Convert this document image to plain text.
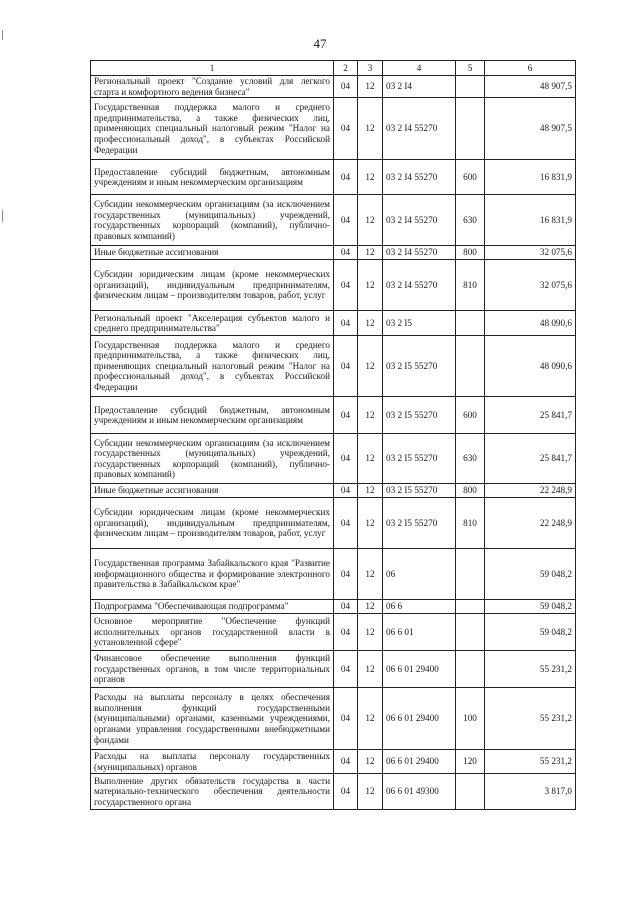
47
1	2	3	4	5	6
Региональный проект "Создание условий для легкого старта и комфортного ведения бизнеса"	04	12	03 2 I4		48 907,5
Государственная поддержка малого и среднего предпринимательства, а также физических лиц, применяющих специальный налоговый режим "Налог на профессиональный доход", в субъектах Российской Федерации	04	12	03 2 I4 55270		48 907,5
Предоставление субсидий бюджетным, автономным учреждениям и иным некоммерческим организациям	04	12	03 2 I4 55270	600	16 831,9
Субсидии некоммерческим организациям (за исключением государственных (муниципальных) учреждений, государственных корпораций (компаний), публично-правовых компаний)	04	12	03 2 I4 55270	630	16 831,9
Иные бюджетные ассигнования	04	12	03 2 I4 55270	800	32 075,6
Субсидии юридическим лицам (кроме некоммерческих организаций), индивидуальным предпринимателям, физическим лицам – производителям товаров, работ, услуг	04	12	03 2 I4 55270	810	32 075,6
Региональный проект "Акселерация субъектов малого и среднего предпринимательства"	04	12	03 2 I5		48 090,6
Государственная поддержка малого и среднего предпринимательства, а также физических лиц, применяющих специальный налоговый режим "Налог на профессиональный доход", в субъектах Российской Федерации	04	12	03 2 I5 55270		48 090,6
Предоставление субсидий бюджетным, автономным учреждениям и иным некоммерческим организациям	04	12	03 2 I5 55270	600	25 841,7
Субсидии некоммерческим организациям (за исключением государственных (муниципальных) учреждений, государственных корпораций (компаний), публично-правовых компаний)	04	12	03 2 I5 55270	630	25 841,7
Иные бюджетные ассигнования	04	12	03 2 I5 55270	800	22 248,9
Субсидии юридическим лицам (кроме некоммерческих организаций), индивидуальным предпринимателям, физическим лицам – производителям товаров, работ, услуг	04	12	03 2 I5 55270	810	22 248,9
Государственная программа Забайкальского края "Развитие информационного общества и формирование электронного правительства в Забайкальском крае"	04	12	06		59 048,2
Подпрограмма "Обеспечивающая подпрограмма"	04	12	06 6		59 048,2
Основное мероприятие "Обеспечение функций исполнительных органов государственной власти в установленной сфере"	04	12	06 6 01		59 048,2
Финансовое обеспечение выполнения функций государственных органов, в том числе территориальных органов	04	12	06 6 01 29400		55 231,2
Расходы на выплаты персоналу в целях обеспечения выполнения функций государственными (муниципальными) органами, казенными учреждениями, органами управления государственными внебюджетными фондами	04	12	06 6 01 29400	100	55 231,2
Расходы на выплаты персоналу государственных (муниципальных) органов	04	12	06 6 01 29400	120	55 231,2
Выполнение других обязательств государства в части материально-технического обеспечения деятельности государственного органа	04	12	06 6 01 49300		3 817,0
